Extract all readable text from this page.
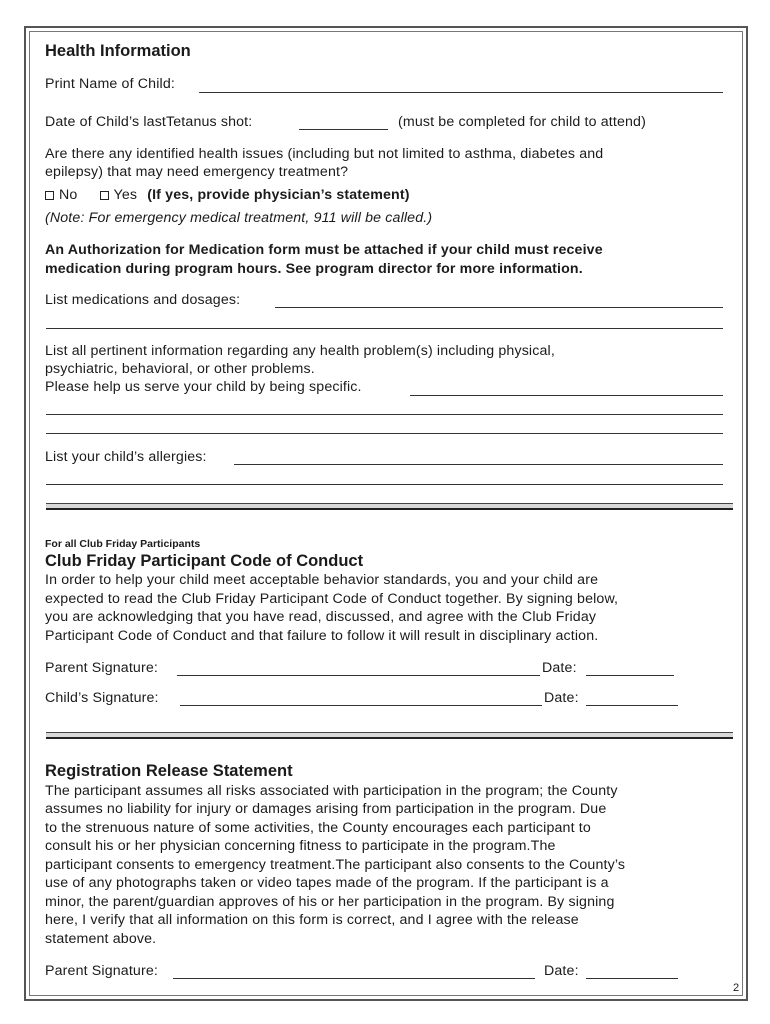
Health Information
Print Name of Child:
Date of Child’s lastTetanus shot:	(must be completed for child to attend)
Are there any identified health issues (including but not limited to asthma, diabetes and
epilepsy) that may need emergency treatment?
No	Yes (If yes, provide physician’s statement)
(Note: For emergency medical treatment, 911 will be called.)
An Authorization for Medication form must be attached if your child must receive
medication during program hours. See program director for more information.
List medications and dosages:
List all pertinent information regarding any health problem(s) including physical,
psychiatric, behavioral, or other problems.
Please help us serve your child by being specific.
List your child’s allergies:
For all Club Friday Participants
Club Friday Participant Code of Conduct
In order to help your child meet acceptable behavior standards, you and your child are
expected to read the Club Friday Participant Code of Conduct together. By signing below,
you are acknowledging that you have read, discussed, and agree with the Club Friday
Participant Code of Conduct and that failure to follow it will result in disciplinary action.
Parent Signature:	Date:
Child’s Signature:	Date:
Registration Release Statement
The participant assumes all risks associated with participation in the program; the County
assumes no liability for injury or damages arising from participation in the program. Due
to the strenuous nature of some activities, the County encourages each participant to
consult his or her physician concerning fitness to participate in the program.The
participant consents to emergency treatment.The participant also consents to the County’s
use of any photographs taken or video tapes made of the program. If the participant is a
minor, the parent/guardian approves of his or her participation in the program. By signing
here, I verify that all information on this form is correct, and I agree with the release
statement above.
Parent Signature:	Date:
2
